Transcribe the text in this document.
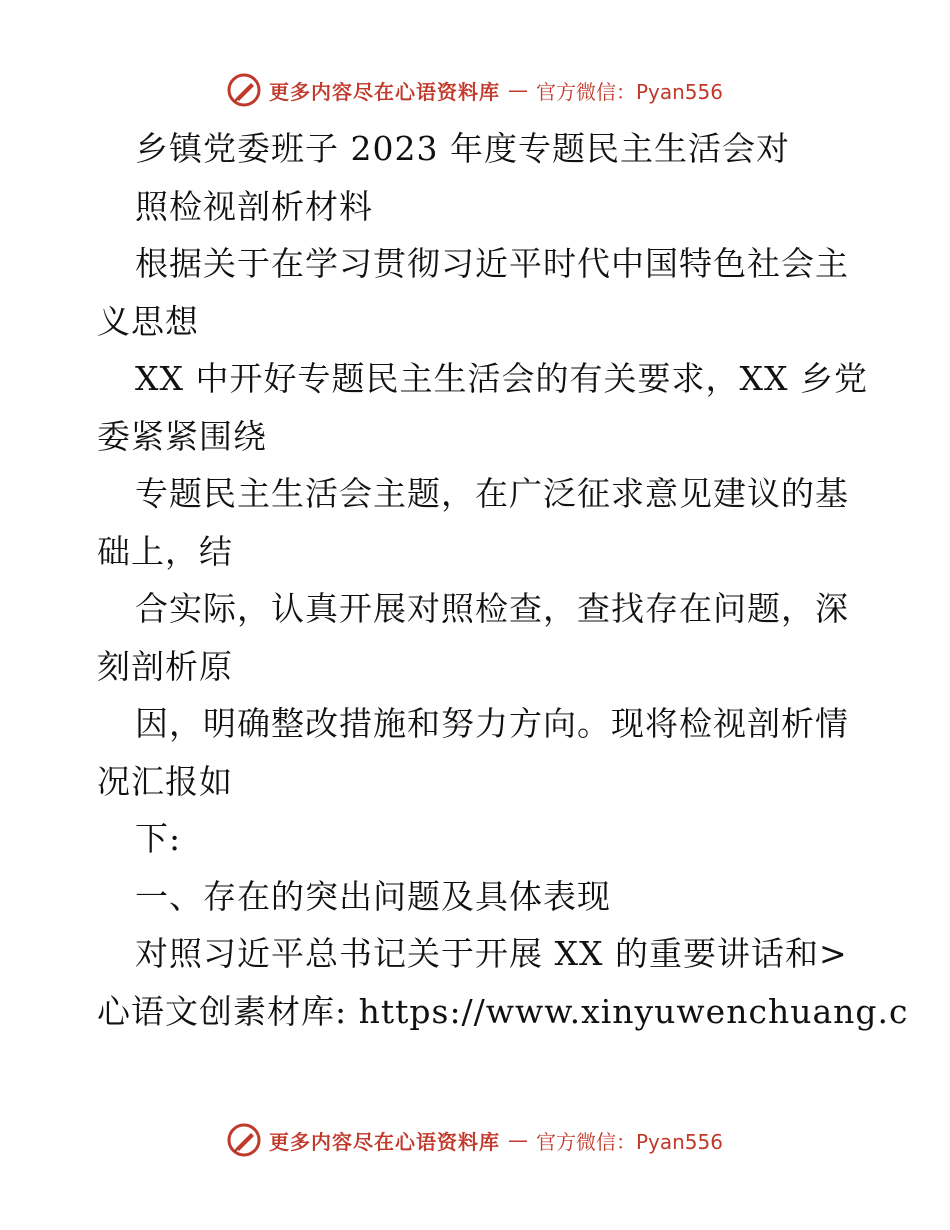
更多内容尽在心语资料库 — 官方微信：Pyan556
乡镇党委班子 2023 年度专题民主生活会对
照检视剖析材料
根据关于在学习贯彻习近平时代中国特色社会主
义思想
XX 中开好专题民主生活会的有关要求，XX 乡党
委紧紧围绕
专题民主生活会主题，在广泛征求意见建议的基
础上，结
合实际，认真开展对照检查，查找存在问题，深
刻剖析原
因，明确整改措施和努力方向。现将检视剖析情
况汇报如
下:
一、存在的突出问题及具体表现
对照习近平总书记关于开展 XX 的重要讲话和>
心语文创素材库: https://www.xinyuwenchuang.c
更多内容尽在心语资料库 — 官方微信：Pyan556
